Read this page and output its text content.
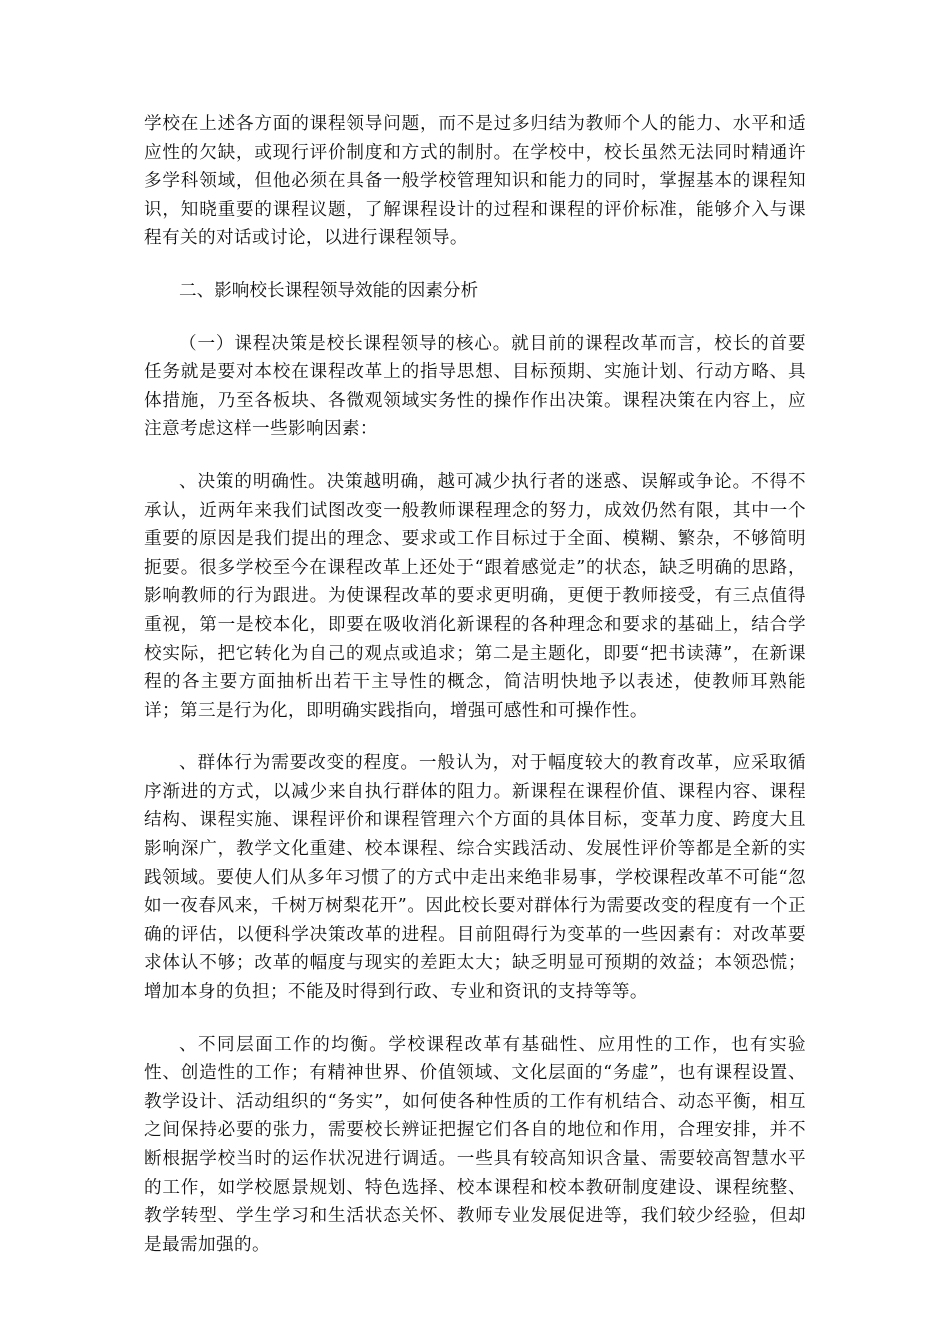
学校在上述各方面的课程领导问题，而不是过多归结为教师个人的能力、水平和适应性的欠缺，或现行评价制度和方式的制肘。在学校中，校长虽然无法同时精通许多学科领域，但他必须在具备一般学校管理知识和能力的同时，掌握基本的课程知识，知晓重要的课程议题，了解课程设计的过程和课程的评价标准，能够介入与课程有关的对话或讨论，以进行课程领导。

二、影响校长课程领导效能的因素分析

（一）课程决策是校长课程领导的核心。就目前的课程改革而言，校长的首要任务就是要对本校在课程改革上的指导思想、目标预期、实施计划、行动方略、具体措施，乃至各板块、各微观领域实务性的操作作出决策。课程决策在内容上，应注意考虑这样一些影响因素：

、决策的明确性。决策越明确，越可减少执行者的迷惑、误解或争论。不得不承认，近两年来我们试图改变一般教师课程理念的努力，成效仍然有限，其中一个重要的原因是我们提出的理念、要求或工作目标过于全面、模糊、繁杂，不够简明扼要。很多学校至今在课程改革上还处于“跟着感觉走”的状态，缺乏明确的思路，影响教师的行为跟进。为使课程改革的要求更明确，更便于教师接受，有三点值得重视，第一是校本化，即要在吸收消化新课程的各种理念和要求的基础上，结合学校实际，把它转化为自己的观点或追求；第二是主题化，即要“把书读薄”，在新课程的各主要方面抽析出若干主导性的概念，简洁明快地予以表述，使教师耳熟能详；第三是行为化，即明确实践指向，增强可感性和可操作性。

、群体行为需要改变的程度。一般认为，对于幅度较大的教育改革，应采取循序渐进的方式，以减少来自执行群体的阻力。新课程在课程价值、课程内容、课程结构、课程实施、课程评价和课程管理六个方面的具体目标，变革力度、跨度大且影响深广，教学文化重建、校本课程、综合实践活动、发展性评价等都是全新的实践领域。要使人们从多年习惯了的方式中走出来绝非易事，学校课程改革不可能“忽如一夜春风来，千树万树梨花开”。因此校长要对群体行为需要改变的程度有一个正确的评估，以便科学决策改革的进程。目前阻碍行为变革的一些因素有：对改革要求体认不够；改革的幅度与现实的差距太大；缺乏明显可预期的效益；本领恐慌；增加本身的负担；不能及时得到行政、专业和资讯的支持等等。

、不同层面工作的均衡。学校课程改革有基础性、应用性的工作，也有实验性、创造性的工作；有精神世界、价值领域、文化层面的“务虚”，也有课程设置、教学设计、活动组织的“务实”，如何使各种性质的工作有机结合、动态平衡，相互之间保持必要的张力，需要校长辨证把握它们各自的地位和作用，合理安排，并不断根据学校当时的运作状况进行调适。一些具有较高知识含量、需要较高智慧水平的工作，如学校愿景规划、特色选择、校本课程和校本教研制度建设、课程统整、教学转型、学生学习和生活状态关怀、教师专业发展促进等，我们较少经验，但却是最需加强的。
